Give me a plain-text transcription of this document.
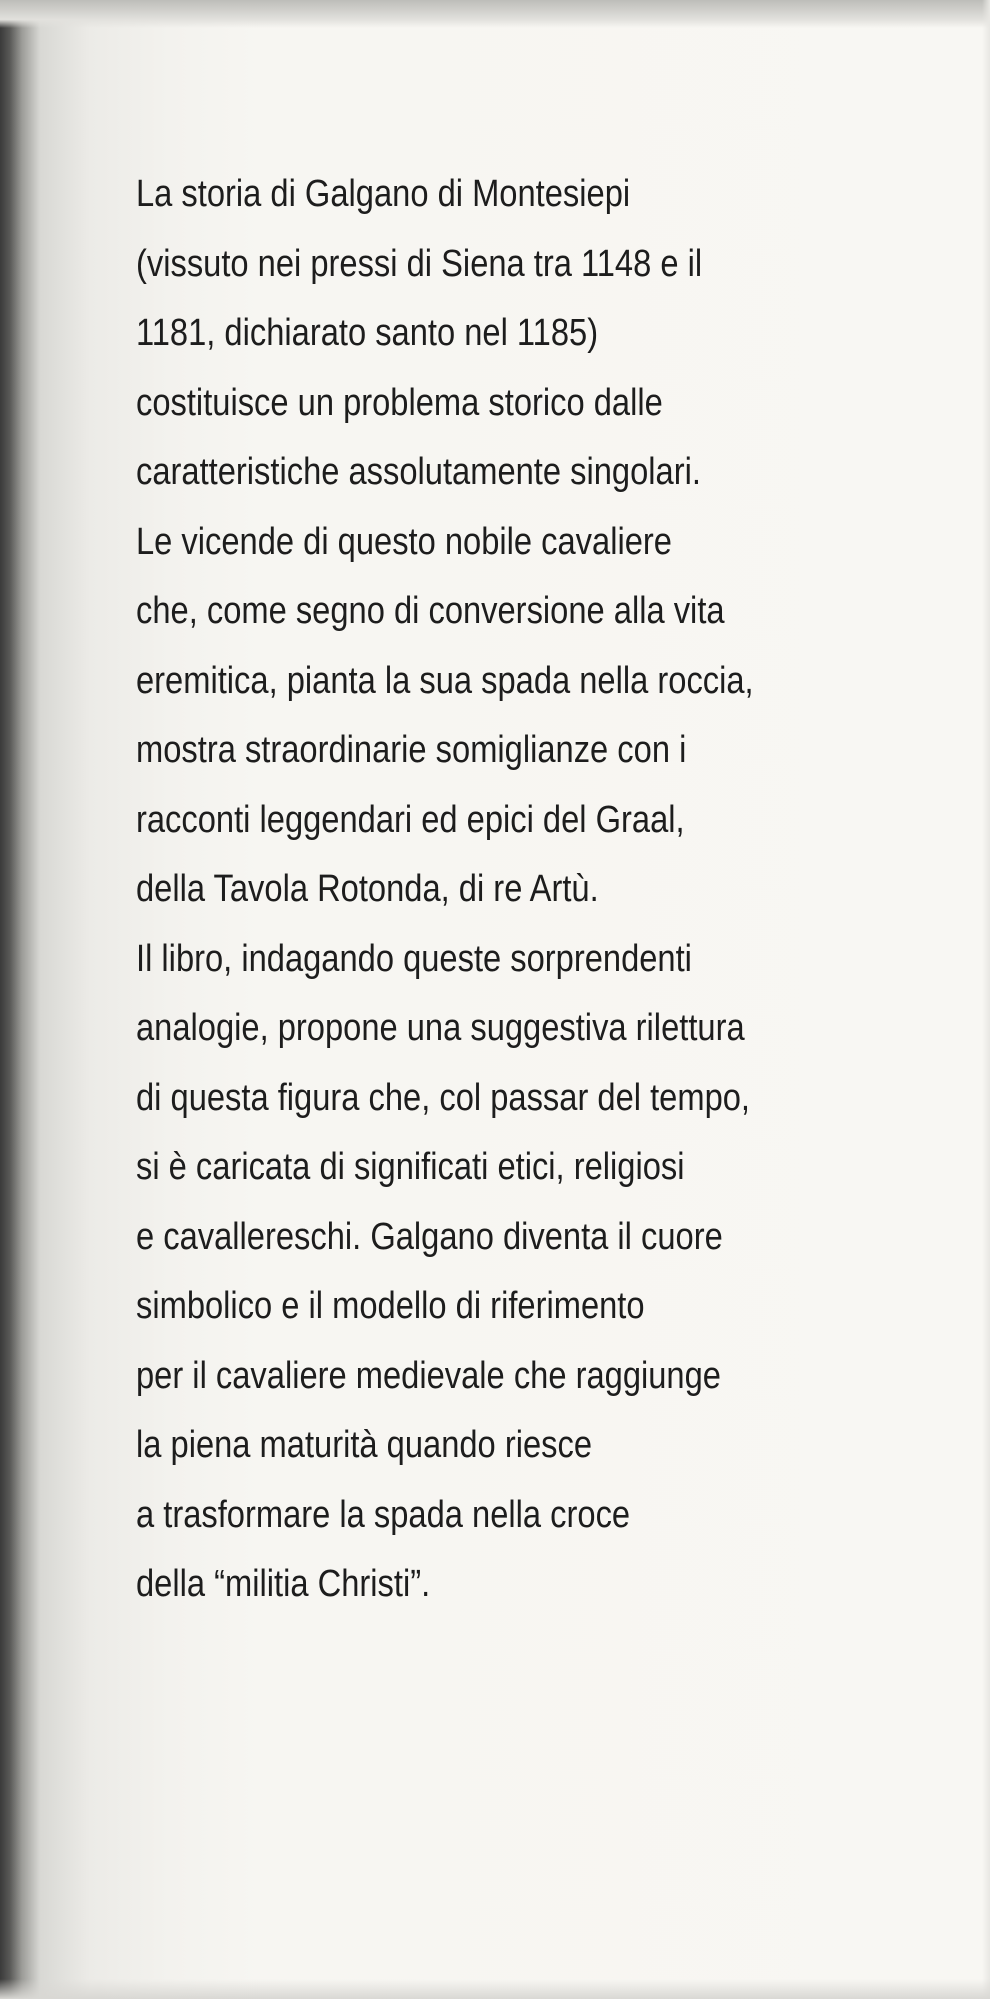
La storia di Galgano di Montesiepi
(vissuto nei pressi di Siena tra 1148 e il
1181, dichiarato santo nel 1185)
costituisce un problema storico dalle
caratteristiche assolutamente singolari.
Le vicende di questo nobile cavaliere
che, come segno di conversione alla vita
eremitica, pianta la sua spada nella roccia,
mostra straordinarie somiglianze con i
racconti leggendari ed epici del Graal,
della Tavola Rotonda, di re Artù.
Il libro, indagando queste sorprendenti
analogie, propone una suggestiva rilettura
di questa figura che, col passar del tempo,
si è caricata di significati etici, religiosi
e cavallereschi. Galgano diventa il cuore
simbolico e il modello di riferimento
per il cavaliere medievale che raggiunge
la piena maturità quando riesce
a trasformare la spada nella croce
della “militia Christi”.
